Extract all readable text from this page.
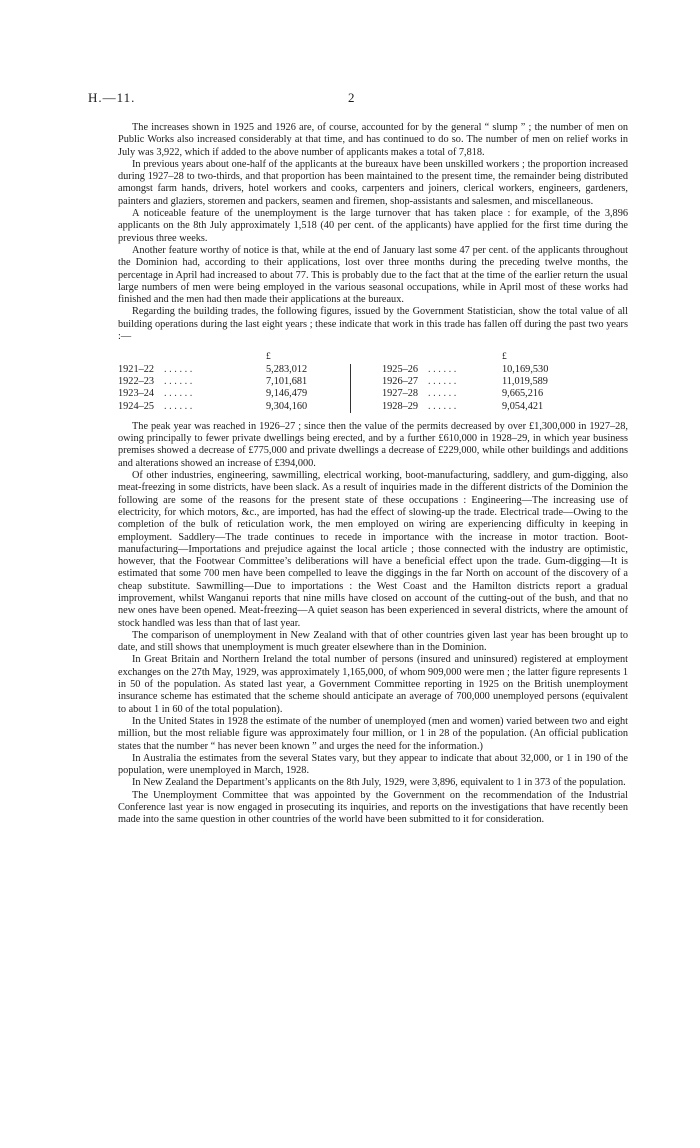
H.—11.	2

The increases shown in 1925 and 1926 are, of course, accounted for by the general “ slump ” ; the number of men on Public Works also increased considerably at that time, and has continued to do so. The number of men on relief works in July was 3,922, which if added to the above number of applicants makes a total of 7,818.

In previous years about one-half of the applicants at the bureaux have been unskilled workers ; the proportion increased during 1927–28 to two-thirds, and that proportion has been maintained to the present time, the remainder being distributed amongst farm hands, drivers, hotel workers and cooks, carpenters and joiners, clerical workers, engineers, gardeners, painters and glaziers, storemen and packers, seamen and firemen, shop-assistants and salesmen, and miscellaneous.

A noticeable feature of the unemployment is the large turnover that has taken place : for example, of the 3,896 applicants on the 8th July approximately 1,518 (40 per cent. of the applicants) have applied for the first time during the previous three weeks.

Another feature worthy of notice is that, while at the end of January last some 47 per cent. of the applicants throughout the Dominion had, according to their applications, lost over three months during the preceding twelve months, the percentage in April had increased to about 77. This is probably due to the fact that at the time of the earlier return the usual large numbers of men were being employed in the various seasonal occupations, while in April most of these works had finished and the men had then made their applications at the bureaux.

Regarding the building trades, the following figures, issued by the Government Statistician, show the total value of all building operations during the last eight years ; these indicate that work in this trade has fallen off during the past two years :—

		£				£
1921–22	. . . . . .	5,283,012		1925–26	. . . . . .	10,169,530
1922–23	. . . . . .	7,101,681		1926–27	. . . . . .	11,019,589
1923–24	. . . . . .	9,146,479		1927–28	. . . . . .	9,665,216
1924–25	. . . . . .	9,304,160		1928–29	. . . . . .	9,054,421

The peak year was reached in 1926–27 ; since then the value of the permits decreased by over £1,300,000 in 1927–28, owing principally to fewer private dwellings being erected, and by a further £610,000 in 1928–29, in which year business premises showed a decrease of £775,000 and private dwellings a decrease of £229,000, while other buildings and additions and alterations showed an increase of £394,000.

Of other industries, engineering, sawmilling, electrical working, boot-manufacturing, saddlery, and gum-digging, also meat-freezing in some districts, have been slack. As a result of inquiries made in the different districts of the Dominion the following are some of the reasons for the present state of these occupations : Engineering—The increasing use of electricity, for which motors, &c., are imported, has had the effect of slowing-up the trade. Electrical trade—Owing to the completion of the bulk of reticulation work, the men employed on wiring are experiencing difficulty in keeping in employment. Saddlery—The trade continues to recede in importance with the increase in motor traction. Boot-manufacturing—Importations and prejudice against the local article ; those connected with the industry are optimistic, however, that the Footwear Committee’s deliberations will have a beneficial effect upon the trade. Gum-digging—It is estimated that some 700 men have been compelled to leave the diggings in the far North on account of the discovery of a cheap substitute. Sawmilling—Due to importations : the West Coast and the Hamilton districts report a gradual improvement, whilst Wanganui reports that nine mills have closed on account of the cutting-out of the bush, and that no new ones have been opened. Meat-freezing—A quiet season has been experienced in several districts, where the amount of stock handled was less than that of last year.

The comparison of unemployment in New Zealand with that of other countries given last year has been brought up to date, and still shows that unemployment is much greater elsewhere than in the Dominion.

In Great Britain and Northern Ireland the total number of persons (insured and uninsured) registered at employment exchanges on the 27th May, 1929, was approximately 1,165,000, of whom 909,000 were men ; the latter figure represents 1 in 50 of the population. As stated last year, a Government Committee reporting in 1925 on the British unemployment insurance scheme has estimated that the scheme should anticipate an average of 700,000 unemployed persons (equivalent to about 1 in 60 of the total population).

In the United States in 1928 the estimate of the number of unemployed (men and women) varied between two and eight million, but the most reliable figure was approximately four million, or 1 in 28 of the population. (An official publication states that the number “ has never been known ” and urges the need for the information.)

In Australia the estimates from the several States vary, but they appear to indicate that about 32,000, or 1 in 190 of the population, were unemployed in March, 1928.

In New Zealand the Department’s applicants on the 8th July, 1929, were 3,896, equivalent to 1 in 373 of the population.

The Unemployment Committee that was appointed by the Government on the recommendation of the Industrial Conference last year is now engaged in prosecuting its inquiries, and reports on the investigations that have recently been made into the same question in other countries of the world have been submitted to it for consideration.
